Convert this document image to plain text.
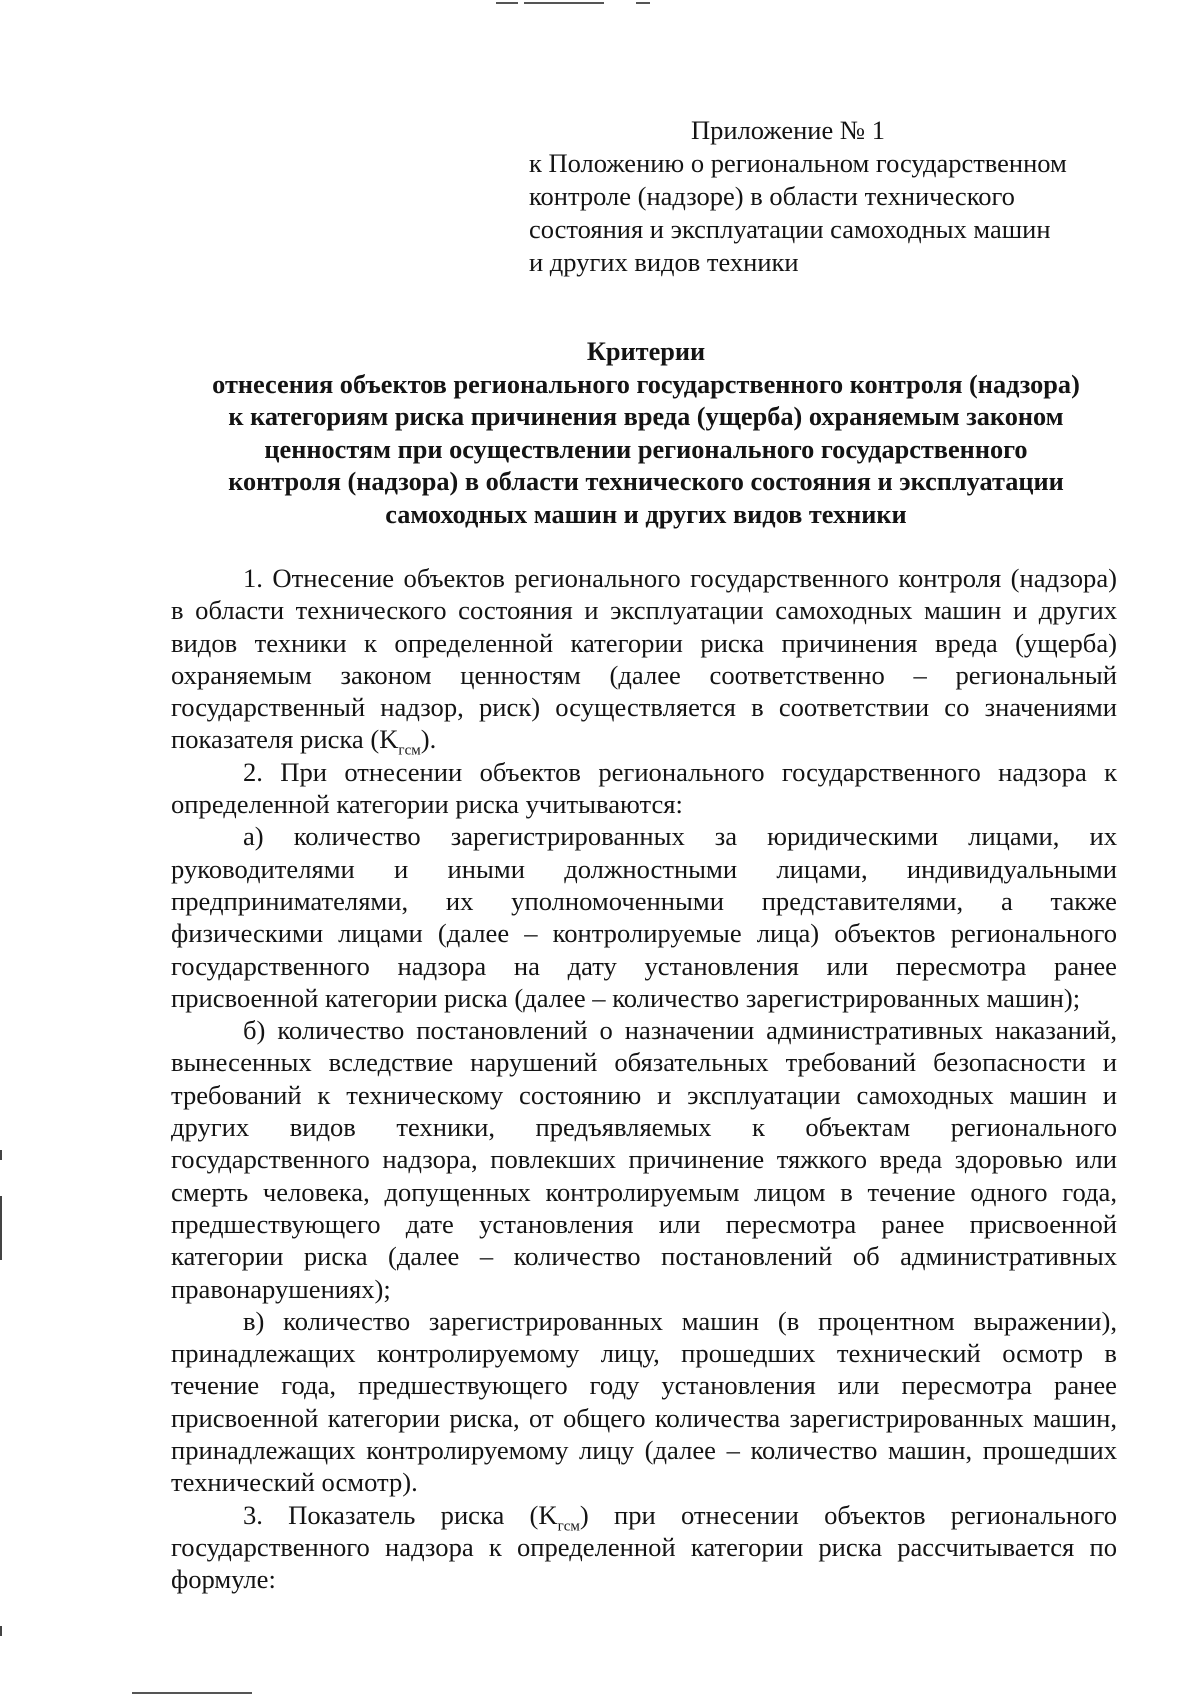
Приложение № 1
к Положению о региональном государственном
контроле (надзоре) в области технического
состояния и эксплуатации самоходных машин
и других видов техники
Критерии
отнесения объектов регионального государственного контроля (надзора)
к категориям риска причинения вреда (ущерба) охраняемым законом
ценностям при осуществлении регионального государственного
контроля (надзора) в области технического состояния и эксплуатации
самоходных машин и других видов техники

1. Отнесение объектов регионального государственного контроля (надзора) в области технического состояния и эксплуатации самоходных машин и других видов техники к определенной категории риска причинения вреда (ущерба) охраняемым законом ценностям (далее соответственно – региональный государственный надзор, риск) осуществляется в соответствии со значениями показателя риска $(K_{гсм})$.

2. При отнесении объектов регионального государственного надзора к определенной категории риска учитываются:

а) количество зарегистрированных за юридическими лицами, их руководителями и иными должностными лицами, индивидуальными предпринимателями, их уполномоченными представителями, а также физическими лицами (далее – контролируемые лица) объектов регионального государственного надзора на дату установления или пересмотра ранее присвоенной категории риска (далее – количество зарегистрированных машин);

б) количество постановлений о назначении административных наказаний, вынесенных вследствие нарушений обязательных требований безопасности и требований к техническому состоянию и эксплуатации самоходных машин и других видов техники, предъявляемых к объектам регионального государственного надзора, повлекших причинение тяжкого вреда здоровью или смерть человека, допущенных контролируемым лицом в течение одного года, предшествующего дате установления или пересмотра ранее присвоенной категории риска (далее – количество постановлений об административных правонарушениях);

в) количество зарегистрированных машин (в процентном выражении), принадлежащих контролируемому лицу, прошедших технический осмотр в течение года, предшествующего году установления или пересмотра ранее присвоенной категории риска, от общего количества зарегистрированных машин, принадлежащих контролируемому лицу (далее – количество машин, прошедших технический осмотр).

3. Показатель риска $(K_{гсм})$ при отнесении объектов регионального государственного надзора к определенной категории риска рассчитывается по формуле:
